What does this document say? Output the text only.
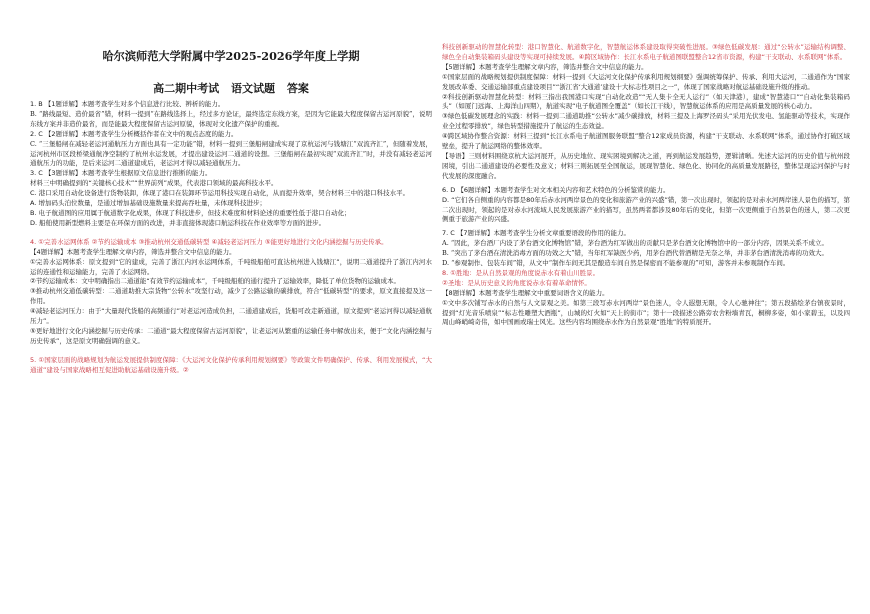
哈尔滨师范大学附属中学2025-2026学年度上学期
高二期中考试 语文试题 答案

1. B 【1题详解】本题考查学生对多个信息进行比较、辨析的能力。

B. “路线最短、造价最省”错，材料一提到“在路线选择上，经过多方论证，最终选定东线方案，是因为它能最大程度保留古运河原貌”，说明东线方案并非造价最省，而是能最大程度保留古运河原貌，体现对文化遗产保护的重视。

2. C 【2题详解】本题考查学生分析概括作者在文中的观点态度的能力。

C. “三堡船闸在减轻老运河通航压力方面也具有一定功能”错，材料一提到三堡船闸建成实现了京杭运河与钱塘江“双流齐汇”，但随着发展，运河杭州市区段桥梁通航净空制约了杭州水运发展，才提出建设运河二通道的设想。三堡船闸在最初实现“双流齐汇”时，并没有减轻老运河通航压力的功能，是后来运河二通道建成后，老运河才得以减轻通航压力。

3. C 【3题详解】本题考查学生根据原文信息进行推断的能力。

材料三中明确提到的“关键核心技术”“世界前列”成果，代表港口领域的最高科技水平。

C. 港口采用自动化设备进行货物装卸，体现了港口在装卸环节运用科技实现自动化，从而提升效率，契合材料三中的港口科技水平。

A. 增加码头泊位数量，是通过增加基础设施数量来提高吞吐量，未体现科技进步；

B. 电子航道图的应用属于航道数字化成果，体现了科技进步，但技术难度和材料论述的重要性低于港口自动化；

D. 船舶使用新型燃料主要是在环保方面的改进，并非直接体现港口航运科技在作业效率等方面的进步。

4. ①完善水运网体系 ②节约运输成本 ③推动杭州交通低碳转型 ④减轻老运河压力 ⑤能更好地进行文化内涵挖掘与历史传承。

【4题详解】本题考查学生理解文章内容，筛选并整合文中信息的能力。

①完善水运网体系：原文提到“它的建成，完善了浙江内河水运网体系，千吨级船舶可直达杭州进入钱塘江”，说明二通道提升了浙江内河水运的连通性和运输能力，完善了水运网络。

②节约运输成本：文中明确指出二通道能“有效节约运输成本”，千吨级船舶的通行提升了运输效率，降低了单位货物的运输成本。

③推动杭州交通低碳转型：二通道助推大宗货物“公转水”攻坚行动，减少了公路运输的碳排放，符合“低碳转型”的要求，原文直接提及这一作用。

④减轻老运河压力：由于“大量现代货船的高频通行”对老运河造成负担，二通道建成后，货船可改走新通道，原文提到“老运河得以减轻通航压力”。

⑤更好地进行文化内涵挖掘与历史传承：二通道“最大程度保留古运河原貌”，让老运河从繁重的运输任务中解放出来，便于“文化内涵挖掘与历史传承”，这是原文明确强调的意义。

5. ①国家层面的战略规划为航运发展提供制度保障：《大运河文化保护传承利用规划纲要》等政策文件明确保护、传承、利用发展模式，“大通道”建设与国家战略相互促进助航运基础设施升级。②

科技创新驱动的智慧化转型：港口智慧化、航道数字化，智慧航运体系建设取得突破性进展。③绿色低碳发展：通过“公转水”运输结构调整、绿色全自动集装箱码头建设等实现可持续发展。④跨区域协作：长江水系电子航道图联盟整合12省市资源，构建“干支联动、水系联网”体系。

【5题详解】本题考查学生理解文章内容，筛选并整合文中信息的能力。

①国家层面的战略规划提供制度保障：材料一提到《大运河文化保护传承利用规划纲要》强调统筹保护、传承、利用大运河，二通道作为“国家发展改革委、交通运输部重点建设项目”“浙江省‘大通道’建设十大标志性项目之一”，体现了国家战略对航运基础设施升级的推动。

②科技创新驱动智慧化转型：材料三指出我国港口实现“自动化改造”“无人集卡全无人运行”（如天津港），建成“智慧港口”“自动化集装箱码头”（如厦门远海、上海洋山四期），航道实现“电子航道图全覆盖”（如长江干线），智慧航运体系的应用是高质量发展的核心动力。

③绿色低碳发展理念的实践：材料一提到二通道助推“公转水”减少碳排放，材料三提及上海罗泾码头“采用光伏发电、氢能驱动等技术，实现作业全过程零排放”，绿色转型措施提升了航运的生态效益。

④跨区域协作整合资源：材料三提到“长江水系电子航道图服务联盟”整合12家成员资源，构建“干支联动、水系联网”体系，通过协作打破区域壁垒，提升了航运网络的整体效率。

【导语】三则材料围绕京杭大运河展开，从历史地位、现实困境到解决之道，再到航运发展趋势，逻辑清晰。先述大运河的历史价值与杭州段困境，引出二通道建设的必要性及意义；材料三则拓展至全国航运，展现智慧化、绿色化、协同化的高质量发展路径，整体呈现运河保护与时代发展的深度融合。

6. D 【6题详解】本题考查学生对文本相关内容和艺术特色的分析鉴赏的能力。

D. “它们各自侧重的内容都是80年后赤水河两岸景色的变化和旅游产业的兴盛”错，第一次出现时，领起的是对赤水河两岸迷人景色的描写，第二次出现时，领起的是对赤水河流域人民发展旅游产业的描写，虽然两者都涉及80年后的变化，但第一次更侧重于自然景色的迷人，第二次更侧重于旅游产业的兴盛。

7. C 【7题详解】本题考查学生分析文章重要语段的作用的能力。

A. “因此，茅台酒厂内设了茅台酒文化博物馆”错，茅台酒为红军做出的贡献只是茅台酒文化博物馆中的一部分内容，因果关系不成立。

B. “突出了茅台酒在清洗消毒方面的功效之大”错，当年红军缺医少药，用茅台酒代替酒精是无奈之举，并非茅台酒清洗消毒的功效大。

D. “参观制作、包装车间”错，从文中“制作车间无其是酿造车间自然是保密而不能参观的”可知，游客并未参观制作车间。

8. ①胜地：是从自然景观的角度说赤水有着山川胜景。

②圣地：是从历史意义的角度说赤水有着革命情怀。

【8题详解】本题考查学生理解文中重要词语含义的能力。

①文中多次铺写赤水的自然与人文景观之美。如第三段写赤水河两岸“景色迷人，令人遐想无限，令人心驰神往”；第五段描绘茅台镇夜景时，提到“灯光音乐喷泉”“标志性雕塑大酒瓶”，山城的灯火如“天上的街市”；第十一段描述公路旁农舍粉墙青瓦，桐柳多姿，如小家碧玉，以及四周山峰峭崎奇伟，如中国画或瑞士风光。这些内容均围绕赤水作为自然景观“胜地”的特质展开。
